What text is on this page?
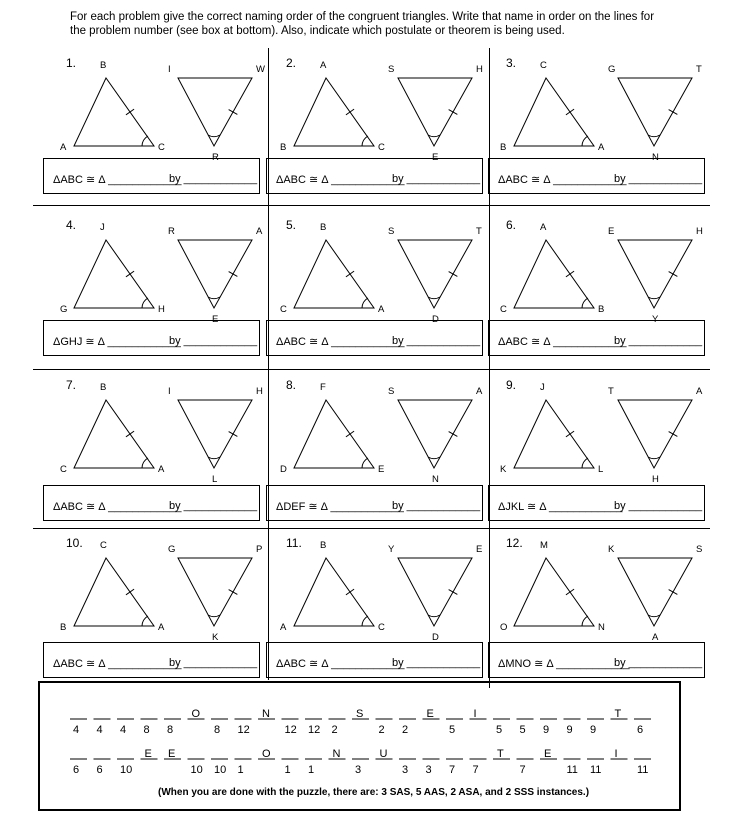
For each problem give the correct naming order of the congruent triangles. Write that name in order on the lines for the problem number (see box at bottom). Also, indicate which postulate or theorem is being used.
1.	B
A	C
I	W
R
ΔABC ≅ Δ ____________
by ____________
2.	A
B	C
S	H
E
ΔABC ≅ Δ ____________
by ____________
3.	C
B	A
G	T
N
ΔABC ≅ Δ ____________
by ____________
4.	J
G	H
R	A
E
ΔGHJ ≅ Δ ____________
by ____________
5.	B
C	A
S	T
D
ΔABC ≅ Δ ____________
by ____________
6.	A
C	B
E	H
Y
ΔABC ≅ Δ ____________
by ____________
7.	B
C	A
I	H
L
ΔABC ≅ Δ ____________
by ____________
8.	F
D	E
S	A
N
ΔDEF ≅ Δ ____________
by ____________
9.	J
K	L
T	A
H
ΔJKL ≅ Δ ____________
by ____________
10. C
B	A
G	P
K
ΔABC ≅ Δ ____________
by ____________
11. B
A	C
Y	E
D
ΔABC ≅ Δ ____________
by ____________
12. M
O	N
K	S
A
ΔMNO ≅ Δ ____________
by ____________
4 4 4 8 8
O
8 12
N
12 12 2
S
2 2
E
5
I
5 5 9 9 9
T
6
6 6 10
E E
10 10 1
O
1 1
N
3
U
3 3 7 7
T
7
E
11 11
I
11
(When you are done with the puzzle, there are: 3 SAS, 5 AAS, 2 ASA, and 2 SSS instances.)
